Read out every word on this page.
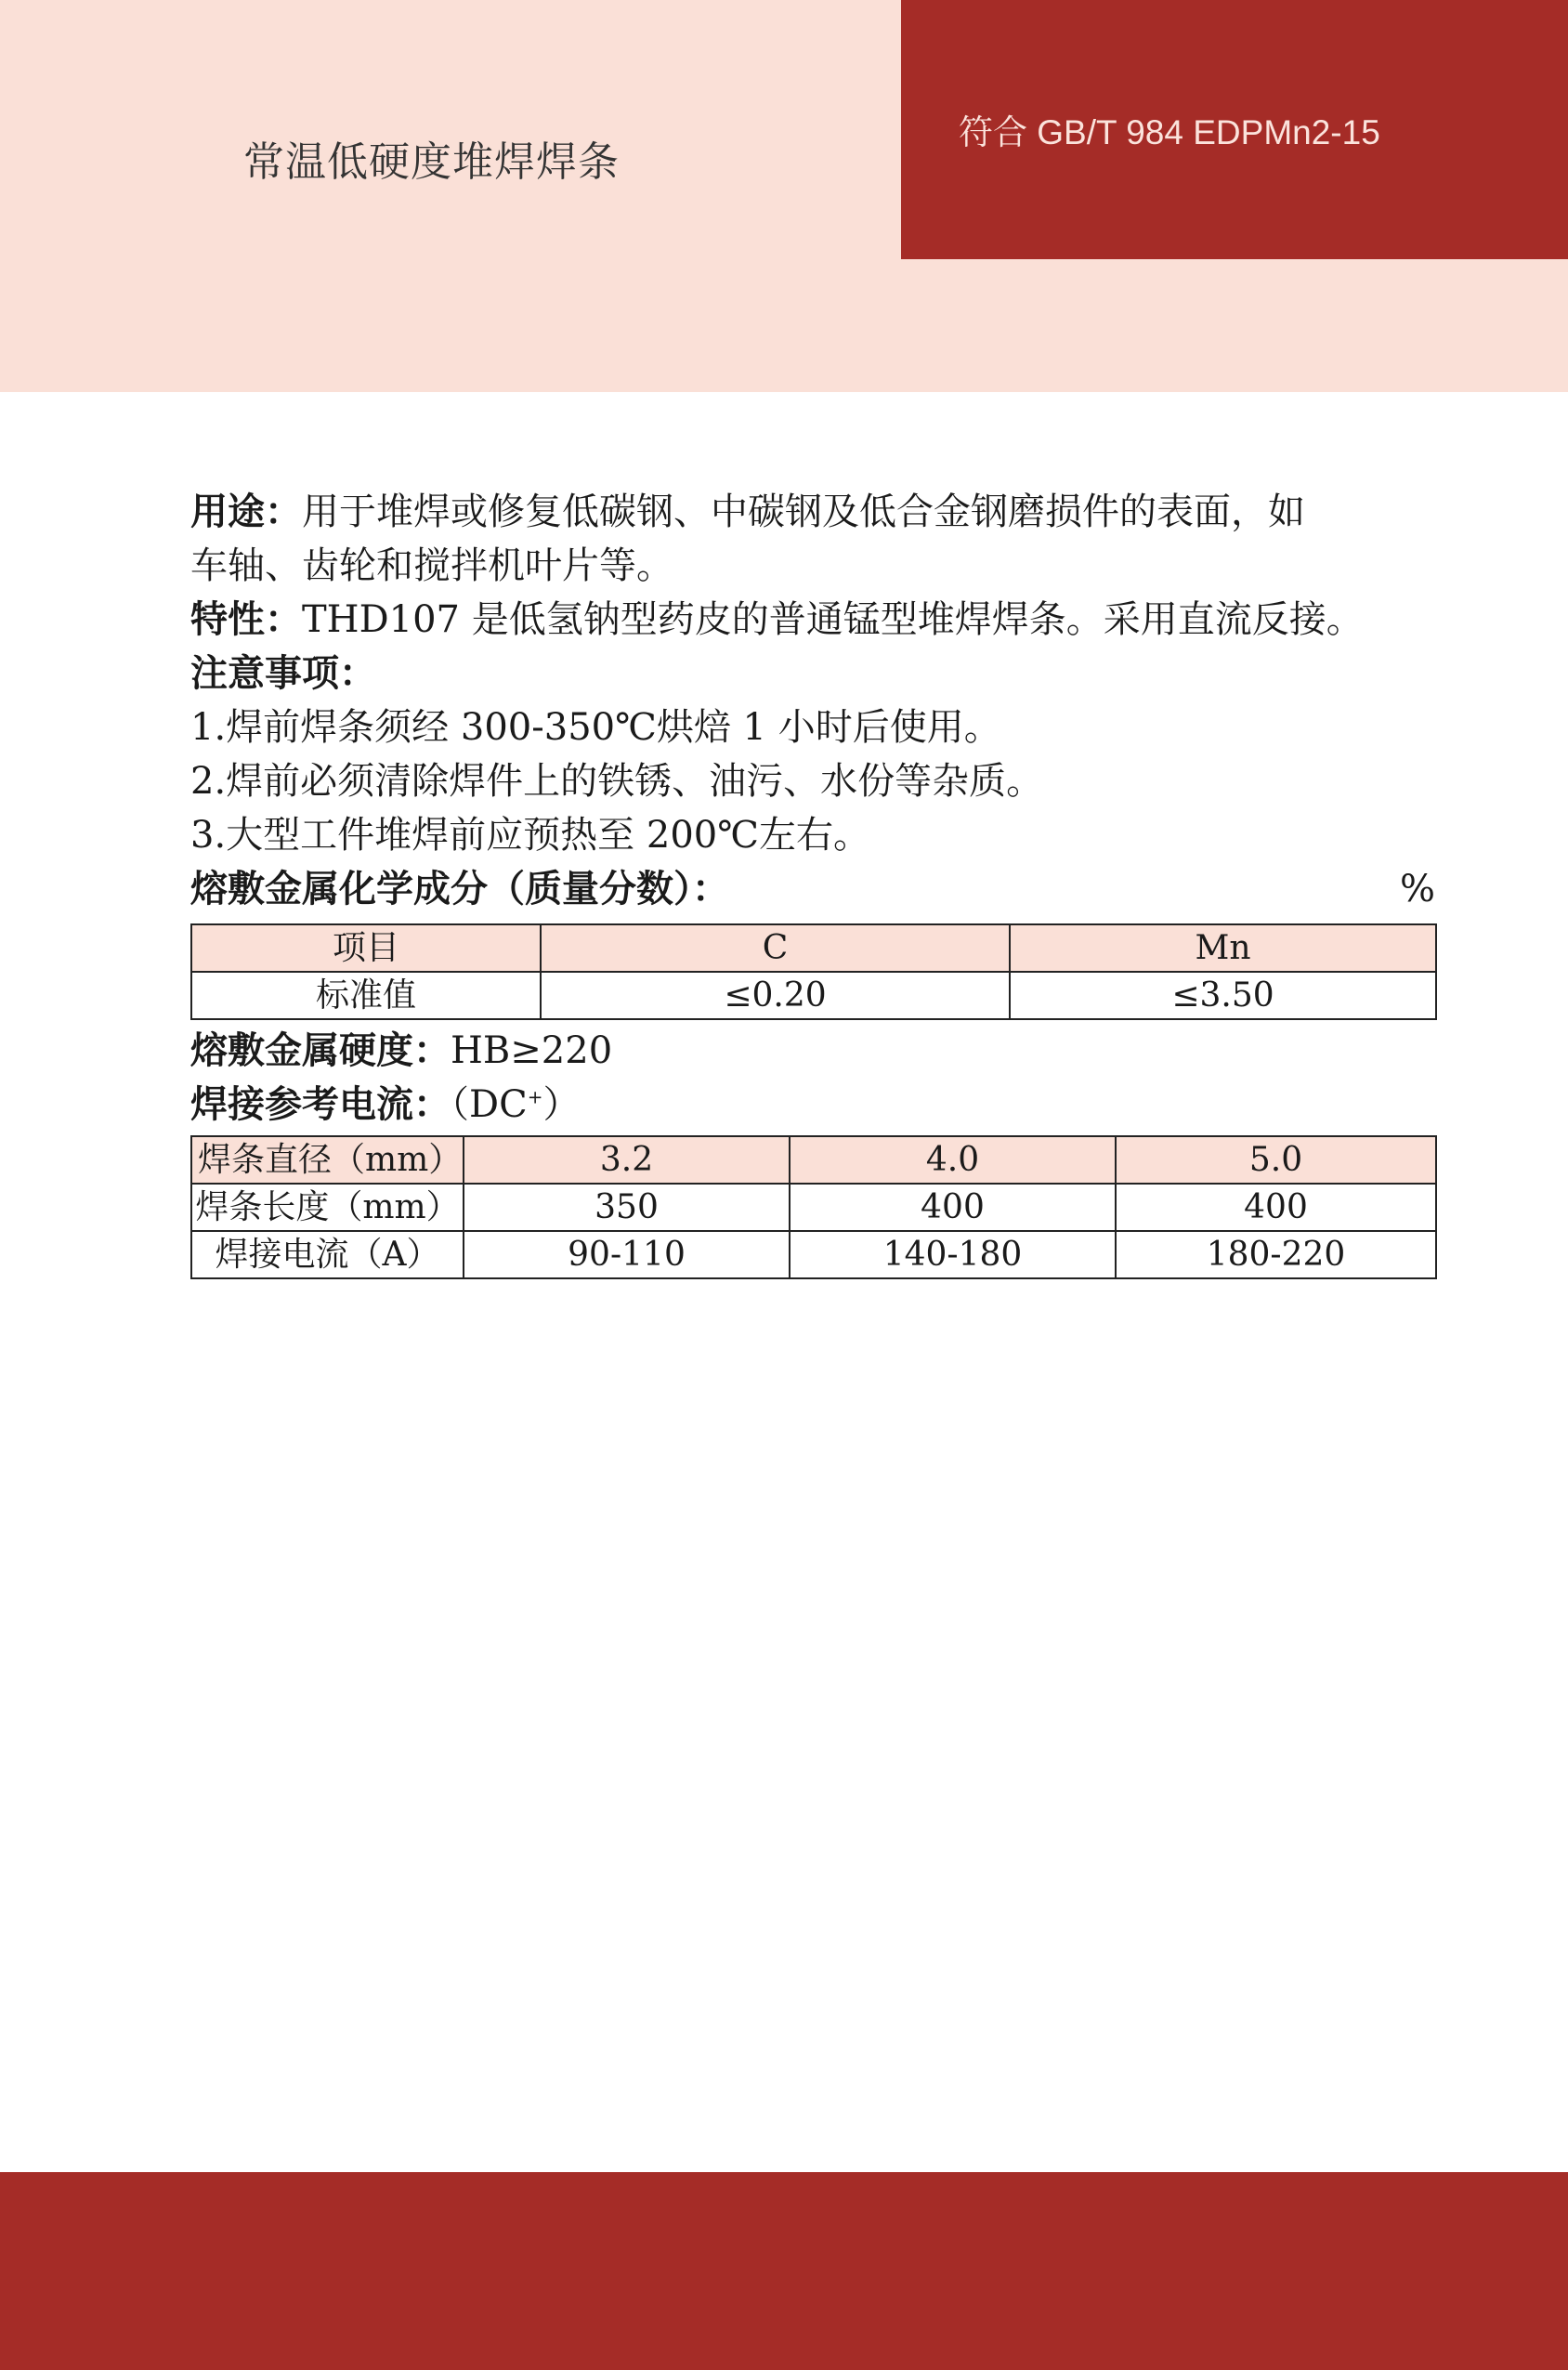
常温低硬度堆焊焊条
符合 GB/T 984 EDPMn2-15
用途：用于堆焊或修复低碳钢、中碳钢及低合金钢磨损件的表面，如
车轴、齿轮和搅拌机叶片等。
特性：THD107 是低氢钠型药皮的普通锰型堆焊焊条。采用直流反接。
注意事项：
1.焊前焊条须经 300-350℃烘焙 1 小时后使用。
2.焊前必须清除焊件上的铁锈、油污、水份等杂质。
3.大型工件堆焊前应预热至 200℃左右。
熔敷金属化学成分（质量分数）：	%
项目	C	Mn
标准值	≤0.20	≤3.50
熔敷金属硬度：HB≥220
焊接参考电流：（DC+）
焊条直径（mm）	3.2	4.0	5.0
焊条长度（mm）	350	400	400
焊接电流（A）	90-110	140-180	180-220
